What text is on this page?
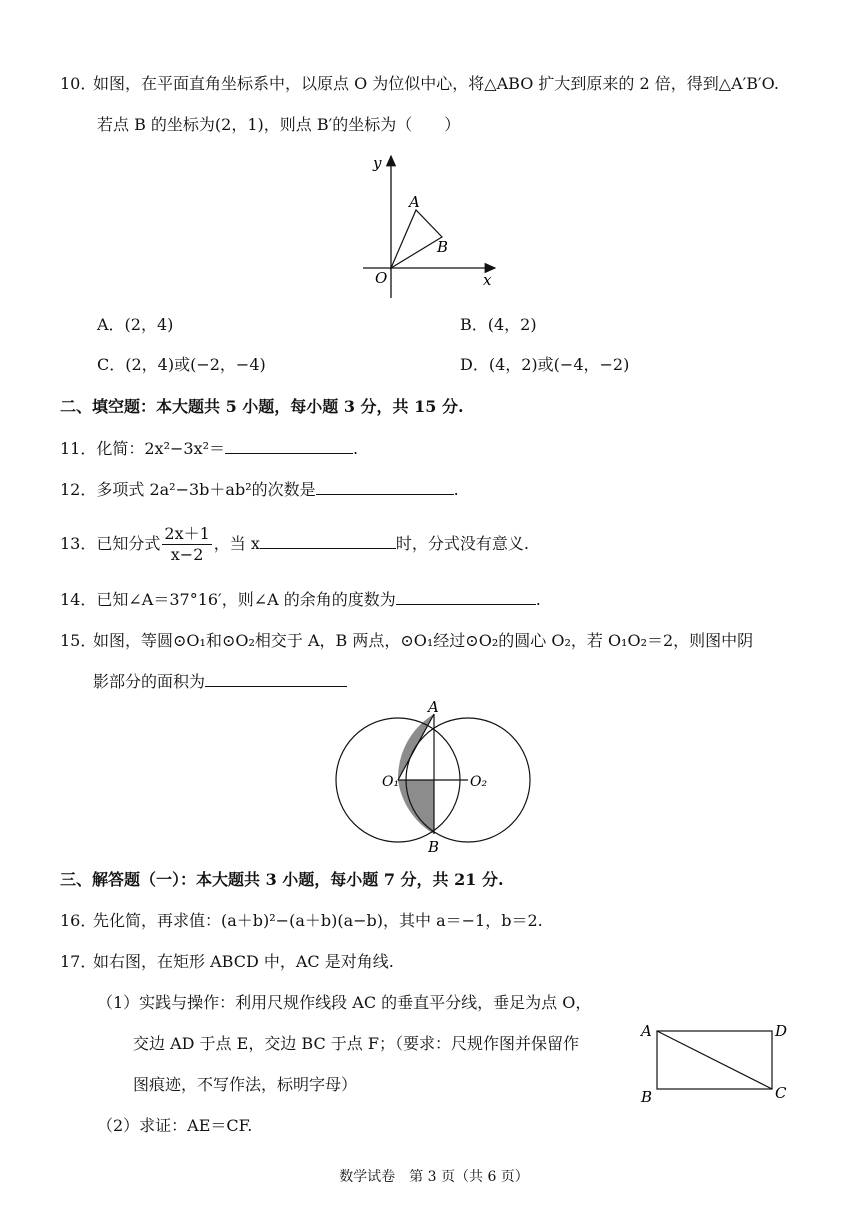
10．
如图，在平面直角坐标系中，以原点 O 为位似中心，将△ABO 扩大到原来的 2 倍，得到△A′B′O.
若点 B 的坐标为(2，1)，则点 B′的坐标为（　　）
y
x
O
A
B
A．(2，4)	B．(4，2)
C．(2，4)或(−2，−4)	D．(4，2)或(−4，−2)
二、填空题：本大题共 5 小题，每小题 3 分，共 15 分.
11．化简：2x²−3x²＝	.
12．多项式 2a²−3b＋ab²的次数是	.
13．已知分式 $\frac{2x+1}{x-2}$ ，当 x	时，分式没有意义.
14．已知∠A＝37°16′，则∠A 的余角的度数为	.
15．
如图，等圆⊙O₁和⊙O₂相交于 A，B 两点，⊙O₁经过⊙O₂的圆心 O₂，若 O₁O₂＝2，则图中阴
影部分的面积为
A
B
O₁	O₂
三、解答题（一）：本大题共 3 小题，每小题 7 分，共 21 分.
16．
先化简，再求值：(a＋b)²−(a＋b)(a−b)，其中 a＝−1，b＝2.
17．
如右图，在矩形 ABCD 中，AC 是对角线.
（1）实践与操作：利用尺规作线段 AC 的垂直平分线，垂足为点 O，
交边 AD 于点 E，交边 BC 于点 F；（要求：尺规作图并保留作
图痕迹，不写作法，标明字母）
（2）求证：AE＝CF.
A	D
B	C
数学试卷　第 3 页（共 6 页）
